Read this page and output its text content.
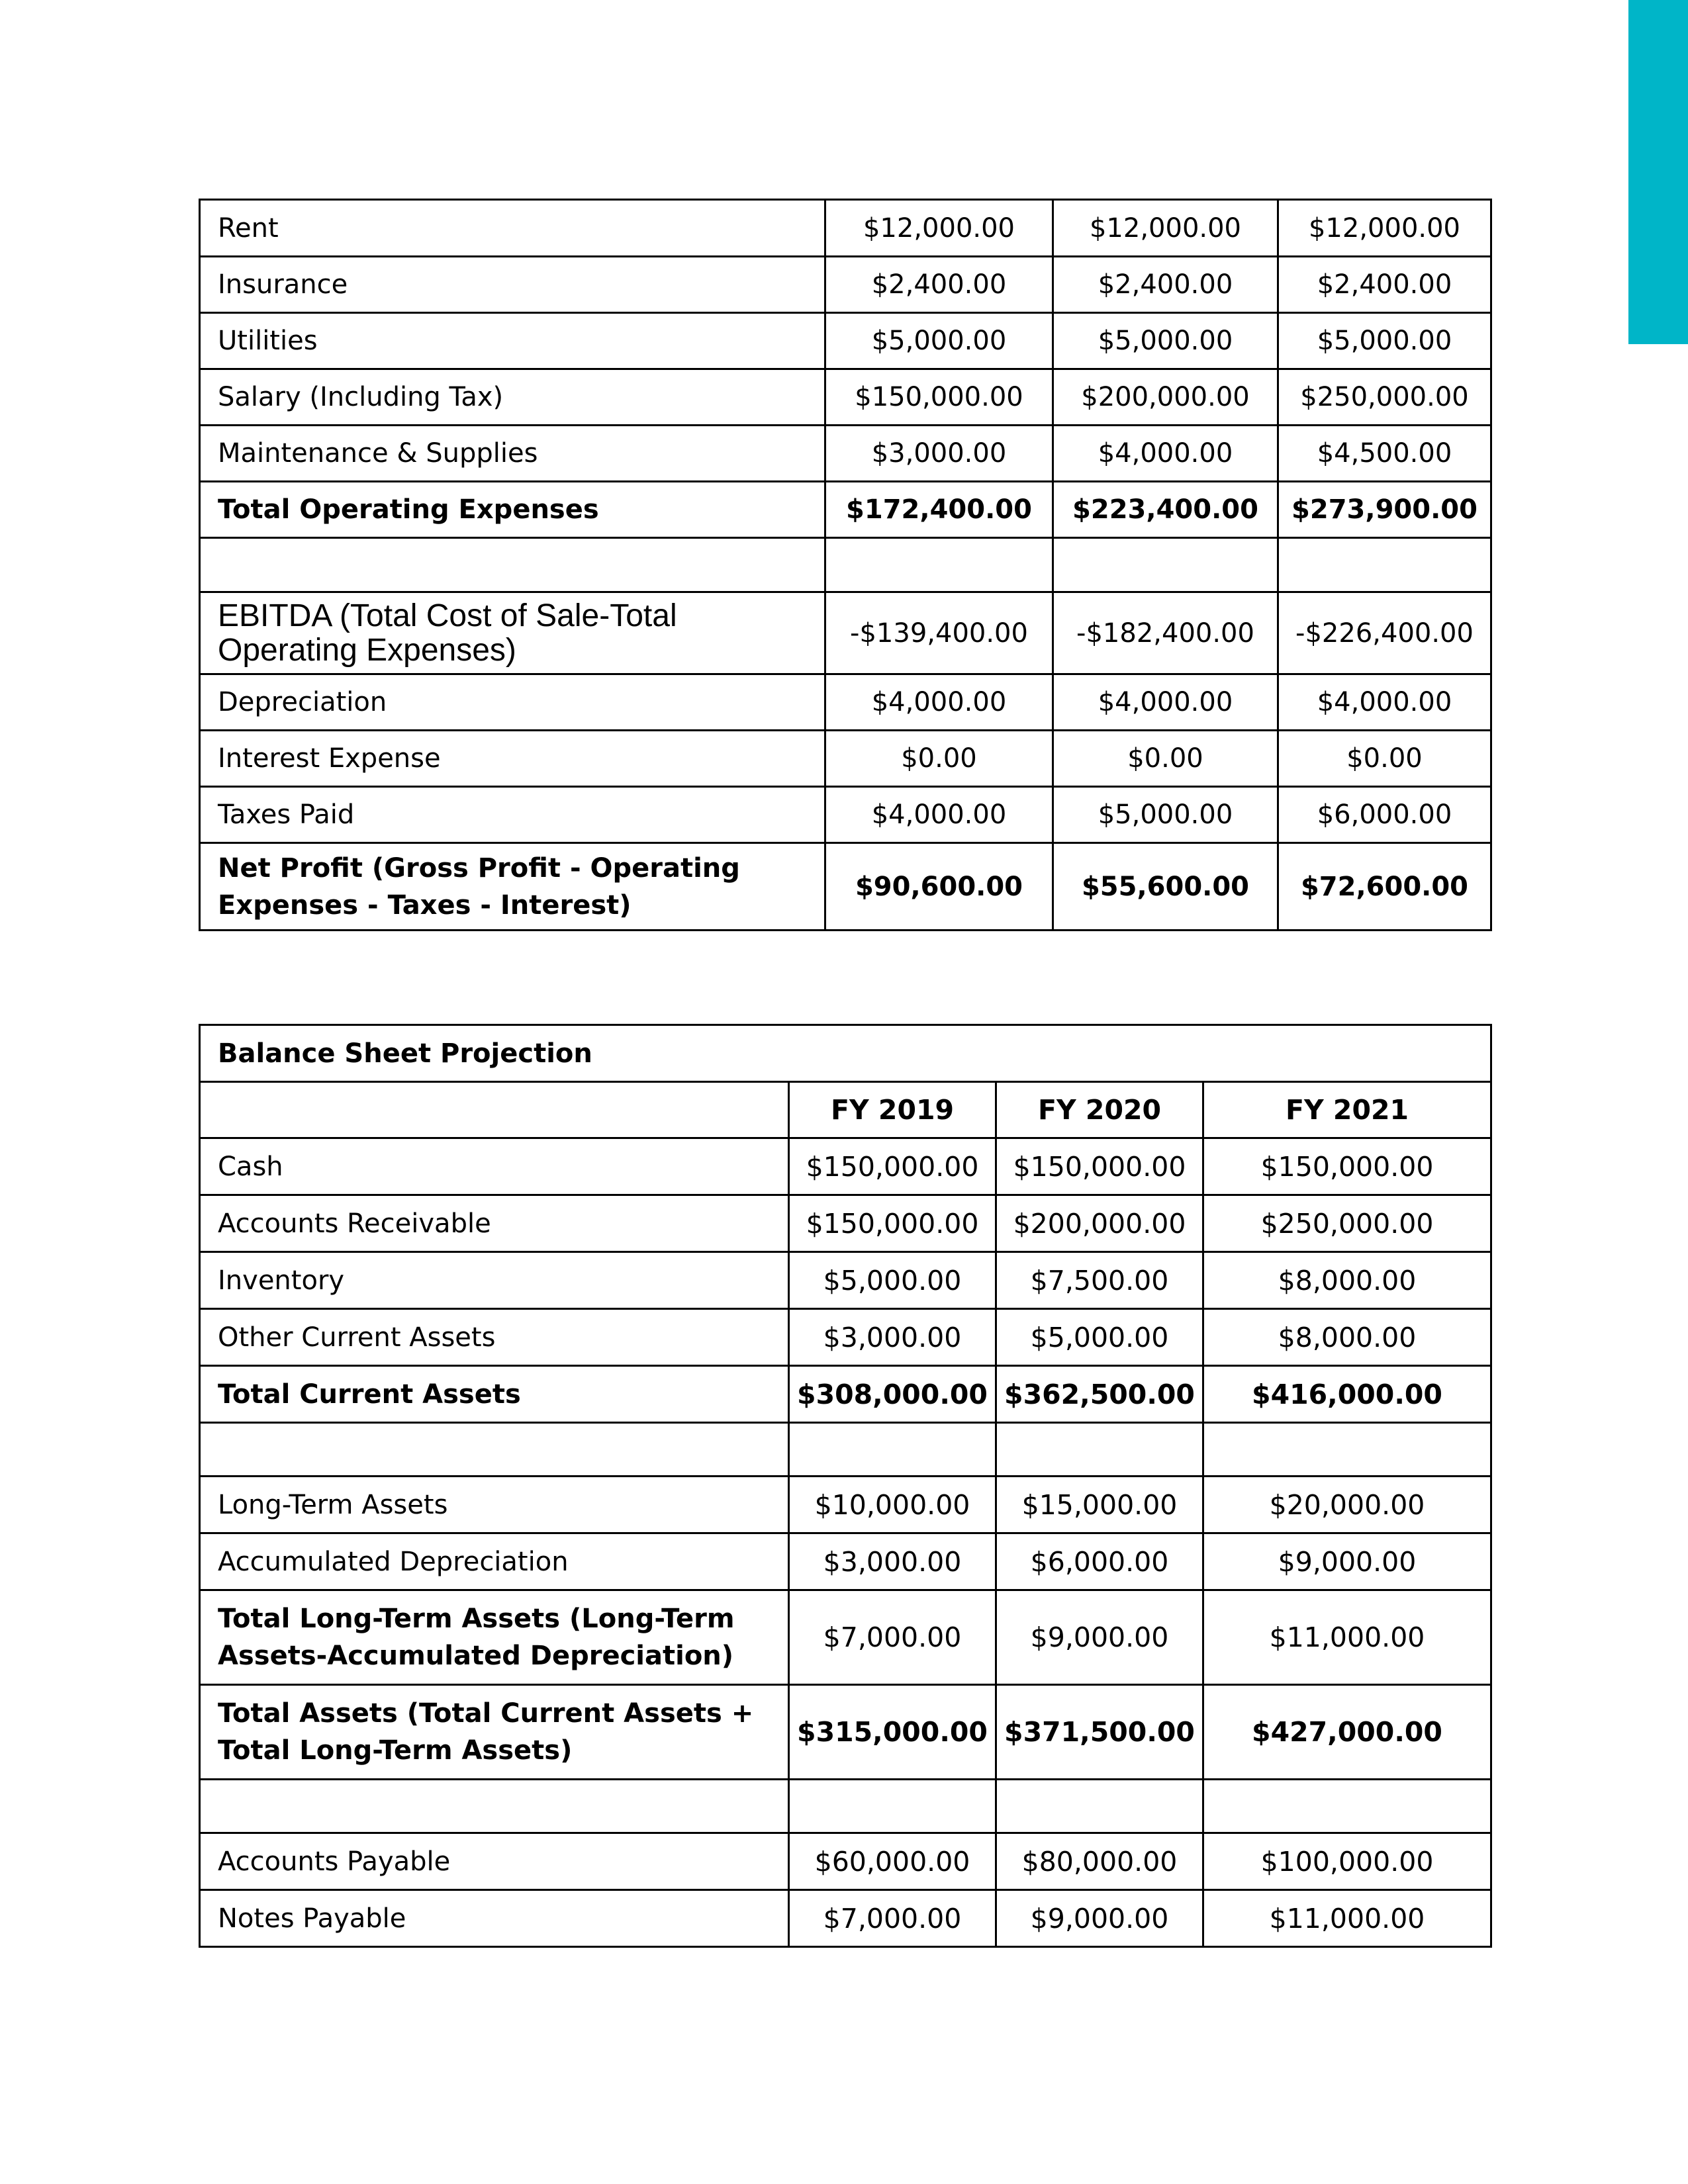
Rent	$12,000.00	$12,000.00	$12,000.00
Insurance	$2,400.00	$2,400.00	$2,400.00
Utilities	$5,000.00	$5,000.00	$5,000.00
Salary (Including Tax)	$150,000.00	$200,000.00	$250,000.00
Maintenance & Supplies	$3,000.00	$4,000.00	$4,500.00
Total Operating Expenses	$172,400.00	$223,400.00	$273,900.00

EBITDA (Total Cost of Sale-Total Operating Expenses)	-$139,400.00	-$182,400.00	-$226,400.00
Depreciation	$4,000.00	$4,000.00	$4,000.00
Interest Expense	$0.00	$0.00	$0.00
Taxes Paid	$4,000.00	$5,000.00	$6,000.00
Net Profit (Gross Profit - Operating Expenses - Taxes - Interest)	$90,600.00	$55,600.00	$72,600.00
Balance Sheet Projection			
	FY 2019	FY 2020	FY 2021
Cash	$150,000.00	$150,000.00	$150,000.00
Accounts Receivable	$150,000.00	$200,000.00	$250,000.00
Inventory	$5,000.00	$7,500.00	$8,000.00
Other Current Assets	$3,000.00	$5,000.00	$8,000.00
Total Current Assets	$308,000.00	$362,500.00	$416,000.00

Long-Term Assets	$10,000.00	$15,000.00	$20,000.00
Accumulated Depreciation	$3,000.00	$6,000.00	$9,000.00
Total Long-Term Assets (Long-Term Assets-Accumulated Depreciation)	$7,000.00	$9,000.00	$11,000.00
Total Assets (Total Current Assets + Total Long-Term Assets)	$315,000.00	$371,500.00	$427,000.00

Accounts Payable	$60,000.00	$80,000.00	$100,000.00
Notes Payable	$7,000.00	$9,000.00	$11,000.00
